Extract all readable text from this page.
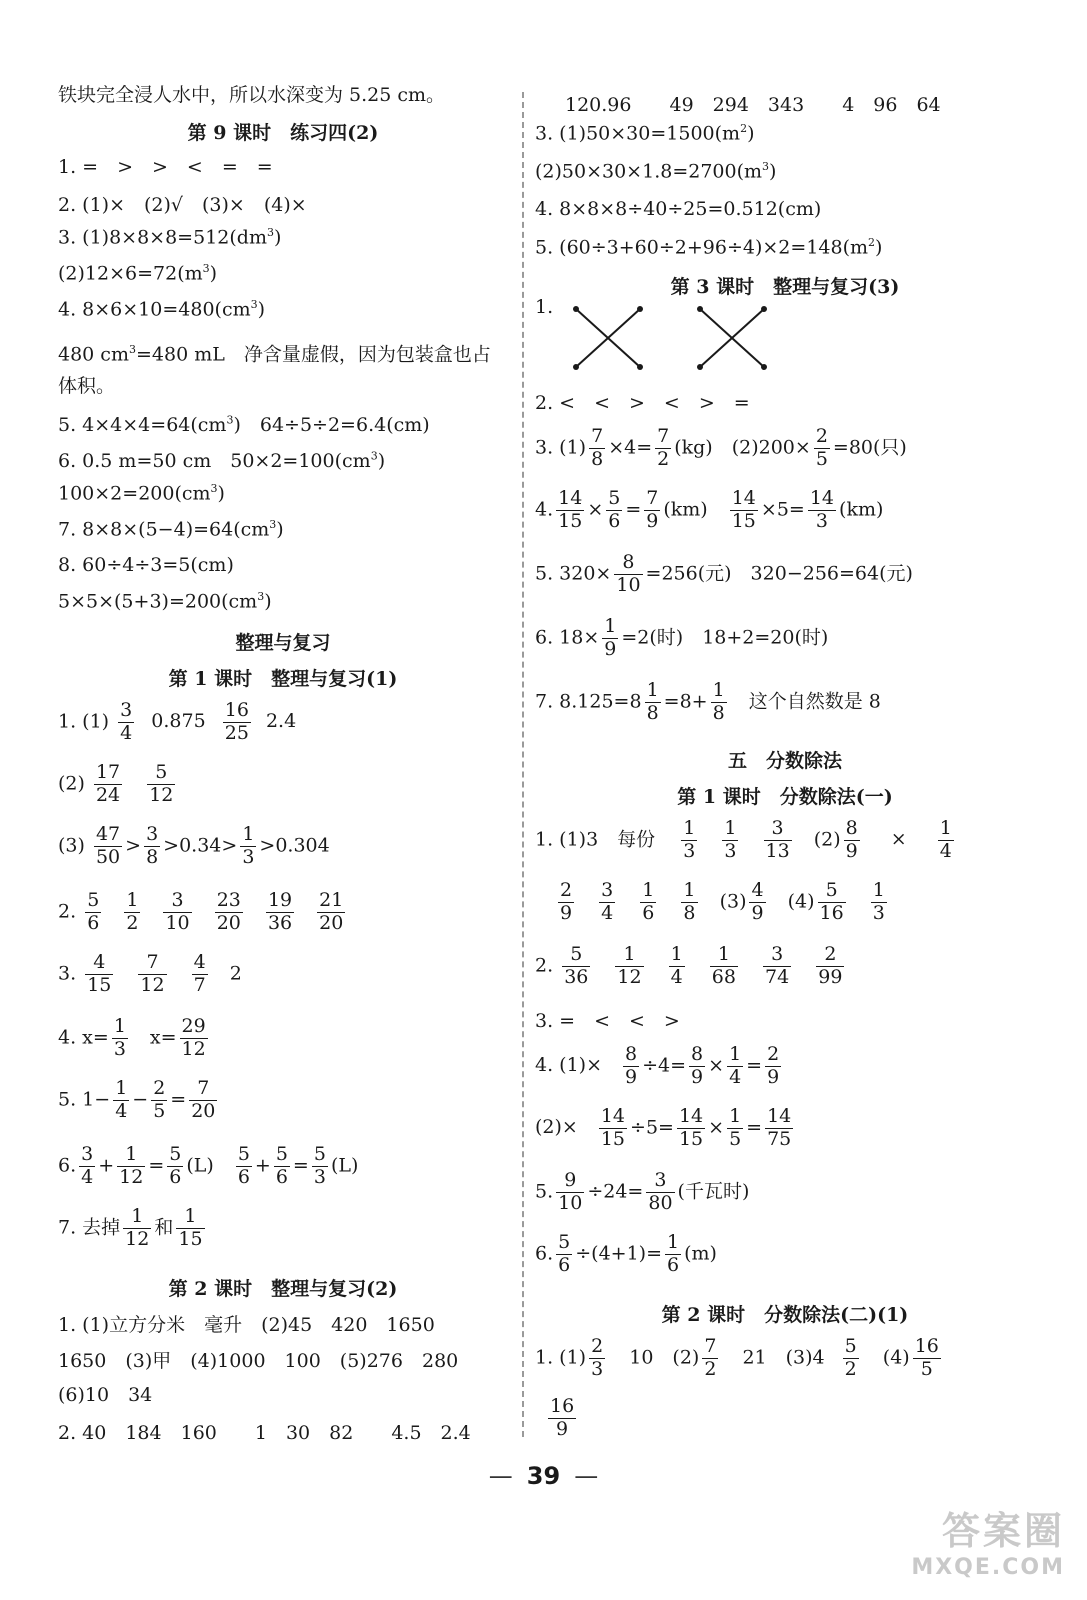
铁块完全浸人水中，所以水深变为 5.25 cm。
第 9 课时　练习四(2)
1. =　>　>　<　=　=
2. (1)×　(2)√　(3)×　(4)×
3. $(1)8\times 8\times 8=512(dm^3)$
$(2)12\times 6=72(m^3)$
4. $8\times 6\times 10=480(cm^3)$
480 $cm^3=480$ mL　净含量虚假，因为包装盒也占体积。
5. $4\times 4\times 4=64(cm^3)$　64÷5÷2=6.4(cm)
6. 0.5 m=50 cm　$50\times 2=100(cm^3)$
$100\times 2=200(cm^3)$
7. $8\times 8\times(5-4)=64(cm^3)$
8. 60÷4÷3=5(cm)
$5\times 5\times(5+3)=200(cm^3)$
整理与复习
第 1 课时　整理与复习(1)
1. $(1) \frac{3}{4} 0.875 \frac{16}{25} 2.4$
$(2) \frac{17}{24}$
$\frac{5}{12}$
$(3) \frac{47}{50} > \frac{3}{8} >0.34> \frac{1}{3} >0.304$
2. $\frac{5}{6}$
$\frac{1}{2}$
$\frac{3}{10}$
$\frac{23}{20}$
$\frac{19}{36}$
$\frac{21}{20}$
3. $\frac{4}{15}$
$\frac{7}{12}$
$\frac{4}{7} 2$
4. $x= \frac{1}{3}$ 　$x= \frac{29}{12}$
5. $1- \frac{1}{4} - \frac{2}{5} = \frac{7}{20}$
6. $\frac{3}{4} + \frac{1}{12} = \frac{5}{6} (L)$　 $\frac{5}{6} + \frac{5}{6} = \frac{5}{3} (L)$
7. 去掉 $\frac{1}{12}$ 和 $\frac{1}{15}$
第 2 课时　整理与复习(2)
1. (1)立方分米　毫升　(2)45　420　1650
1650　(3)甲　(4)1000　100　(5)276　280
(6)10　34
2. 40　184　160　　1　30　82　　4.5　2.4
120.96　　49　294　343　　4　96　64
3. $(1)50\times 30=1500(m^2)$
$(2)50\times 30\times 1.8=2700(m^3)$
4. 8×8×8÷40÷25=0.512(cm)
5. $(60\div 3+60\div 2+96\div 4)\times 2=148(m^2)$
第 3 课时　整理与复习(3)
1.
2. <　<　>　<　>　=
3. $(1) \frac{7}{8} \times 4= \frac{7}{2} (kg)$　$(2)200\times \frac{2}{5} =80$(只)
4. $\frac{14}{15} \times \frac{5}{6} = \frac{7}{9} (km)$　 $\frac{14}{15} \times 5= \frac{14}{3} (km)$
5. $320\times \frac{8}{10} =256$(元)　320−256=64(元)
6. $18\times \frac{1}{9} =2$(时)　18+2=20(时)
7. $8.125=8 \frac{1}{8} =8+ \frac{1}{8}$ 　这个自然数是 8
五　分数除法
第 1 课时　分数除法(一)
1. (1)3　每份 $\frac{1}{3}$
$\frac{1}{3}$
$\frac{3}{13} (2) \frac{8}{9} \times \frac{1}{4}$
$\frac{2}{9}$
$\frac{3}{4}$
$\frac{1}{6}$
$\frac{1}{8} (3) \frac{4}{9} (4) \frac{5}{16}$
$\frac{1}{3}$
2. $\frac{5}{36}$
$\frac{1}{12}$
$\frac{1}{4}$
$\frac{1}{68}$
$\frac{3}{74}$
$\frac{2}{99}$
3. =　<　<　>
4. $(1)\times \frac{8}{9} \div 4= \frac{8}{9} \times \frac{1}{4} = \frac{2}{9}$
$(2)\times \frac{14}{15} \div 5= \frac{14}{15} \times \frac{1}{5} = \frac{14}{75}$
5. $\frac{9}{10} \div 24= \frac{3}{80}$ (千瓦时)
6. $\frac{5}{6} \div(4+1)= \frac{1}{6} (m)$
第 2 课时　分数除法(二)(1)
1. $(1) \frac{2}{3} 10$　$(2) \frac{7}{2} 21$　$(3)4 \frac{5}{2} (4) \frac{16}{5}$
$\frac{16}{9}$
— 39 —
答案圈
MXQE.COM
